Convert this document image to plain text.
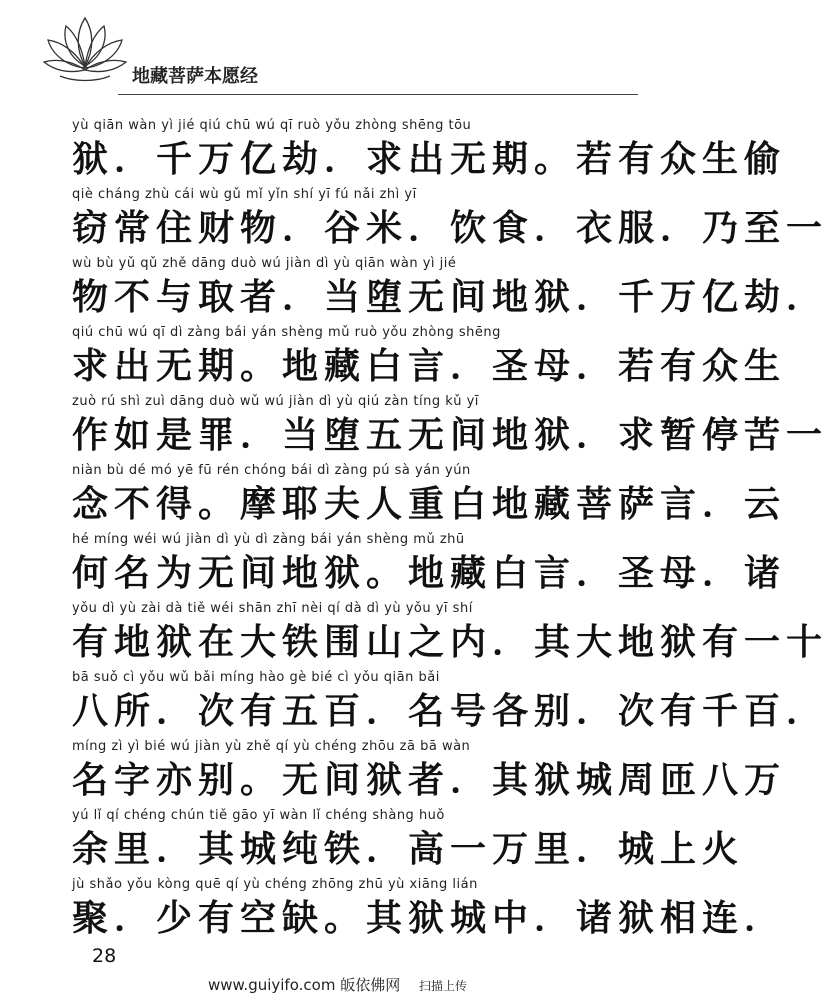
地藏菩萨本愿经
yù qiān wàn yì jié qiú chū wú qī ruò yǒu zhòng shēng tōu
狱．千万亿劫．求出无期。若有众生偷
qiè cháng zhù cái wù gǔ mǐ yǐn shí yī fú nǎi zhì yī
窃常住财物．谷米．饮食．衣服．乃至一
wù bù yǔ qǔ zhě dāng duò wú jiàn dì yù qiān wàn yì jié
物不与取者．当堕无间地狱．千万亿劫．
qiú chū wú qī dì zàng bái yán shèng mǔ ruò yǒu zhòng shēng
求出无期。地藏白言．圣母．若有众生
zuò rú shì zuì dāng duò wǔ wú jiàn dì yù qiú zàn tíng kǔ yī
作如是罪．当堕五无间地狱．求暂停苦一
niàn bù dé mó yē fū rén chóng bái dì zàng pú sà yán yún
念不得。摩耶夫人重白地藏菩萨言．云
hé míng wéi wú jiàn dì yù dì zàng bái yán shèng mǔ zhū
何名为无间地狱。地藏白言．圣母．诸
yǒu dì yù zài dà tiě wéi shān zhī nèi qí dà dì yù yǒu yī shí
有地狱在大铁围山之内．其大地狱有一十
bā suǒ cì yǒu wǔ bǎi míng hào gè bié cì yǒu qiān bǎi
八所．次有五百．名号各别．次有千百．
míng zì yì bié wú jiàn yù zhě qí yù chéng zhōu zā bā wàn
名字亦别。无间狱者．其狱城周匝八万
yú lǐ qí chéng chún tiě gāo yī wàn lǐ chéng shàng huǒ
余里．其城纯铁．高一万里．城上火
jù shǎo yǒu kòng quē qí yù chéng zhōng zhū yù xiāng lián
聚．少有空缺。其狱城中．诸狱相连．
28
www.guiyifo.com 皈依佛网 扫描上传
